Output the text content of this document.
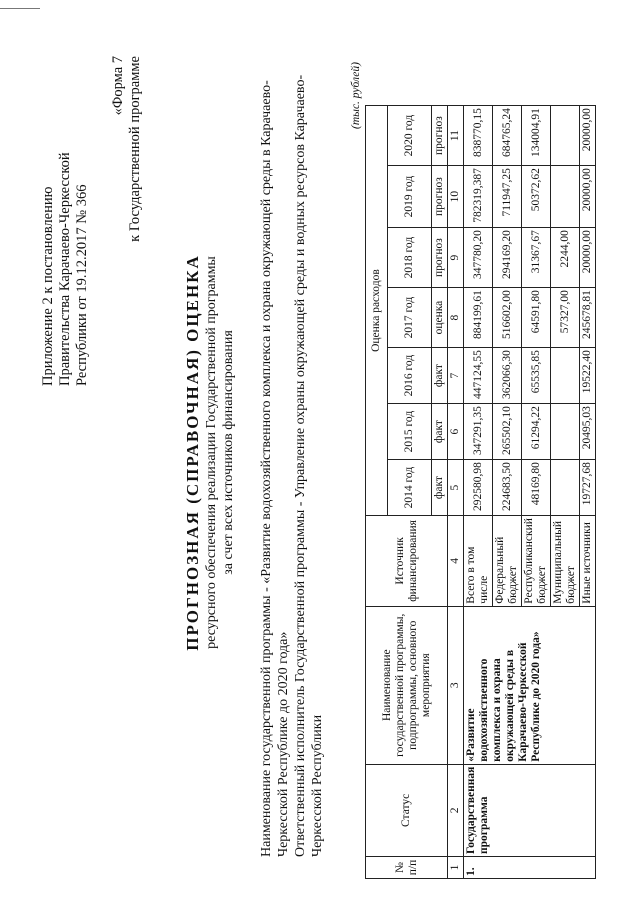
Приложение 2 к постановлению Правительства Карачаево-Черкесской Республики от 19.12.2017 № 366
«Форма 7 к Государственной программе
ПРОГНОЗНАЯ (СПРАВОЧНАЯ) ОЦЕНКА ресурсного обеспечения реализации Государственной программы за счет всех источников финансирования Наименование государственной программы - «Развитие водохозяйственного комплекса и охрана окружающей среды в Карачаево-Черкесской Республике до 2020 года» Ответственный исполнитель Государственной программы - Управление охраны окружающей среды и водных ресурсов Карачаево-Черкесской Республики
(тыс. рублей)
№ п/п	Статус	Наименование государственной программы, подпрограммы, основного мероприятия	Источник финансирования	Оценка расходов						
				2014 год	2015 год	2016 год	2017 год	2018 год	2019 год	2020 год
				факт	факт	факт	оценка	прогноз	прогноз	прогноз
1	2	3	4	5	6	7	8	9	10	11
1.	Государственная программа	«Развитие водохозяйственного комплекса и охрана окружающей среды в Карачаево-Черкесской Республике до 2020 года»	Всего в том числе	292580,98	347291,35	447124,55	884199,61	347780,20	782319,387	838770,15
			Федеральный бюджет	224683,50	265502,10	362066,30	516602,00	294169,20	711947,25	684765,24
			Республиканский бюджет	48169,80	61294,22	65535,85	64591,80	31367,67	50372,62	134004,91
			Муниципальный бюджет				57327,00	2244,00		
			Иные источники	19727,68	20495,03	19522,40	245678,81	20000,00	20000,00	20000,00
